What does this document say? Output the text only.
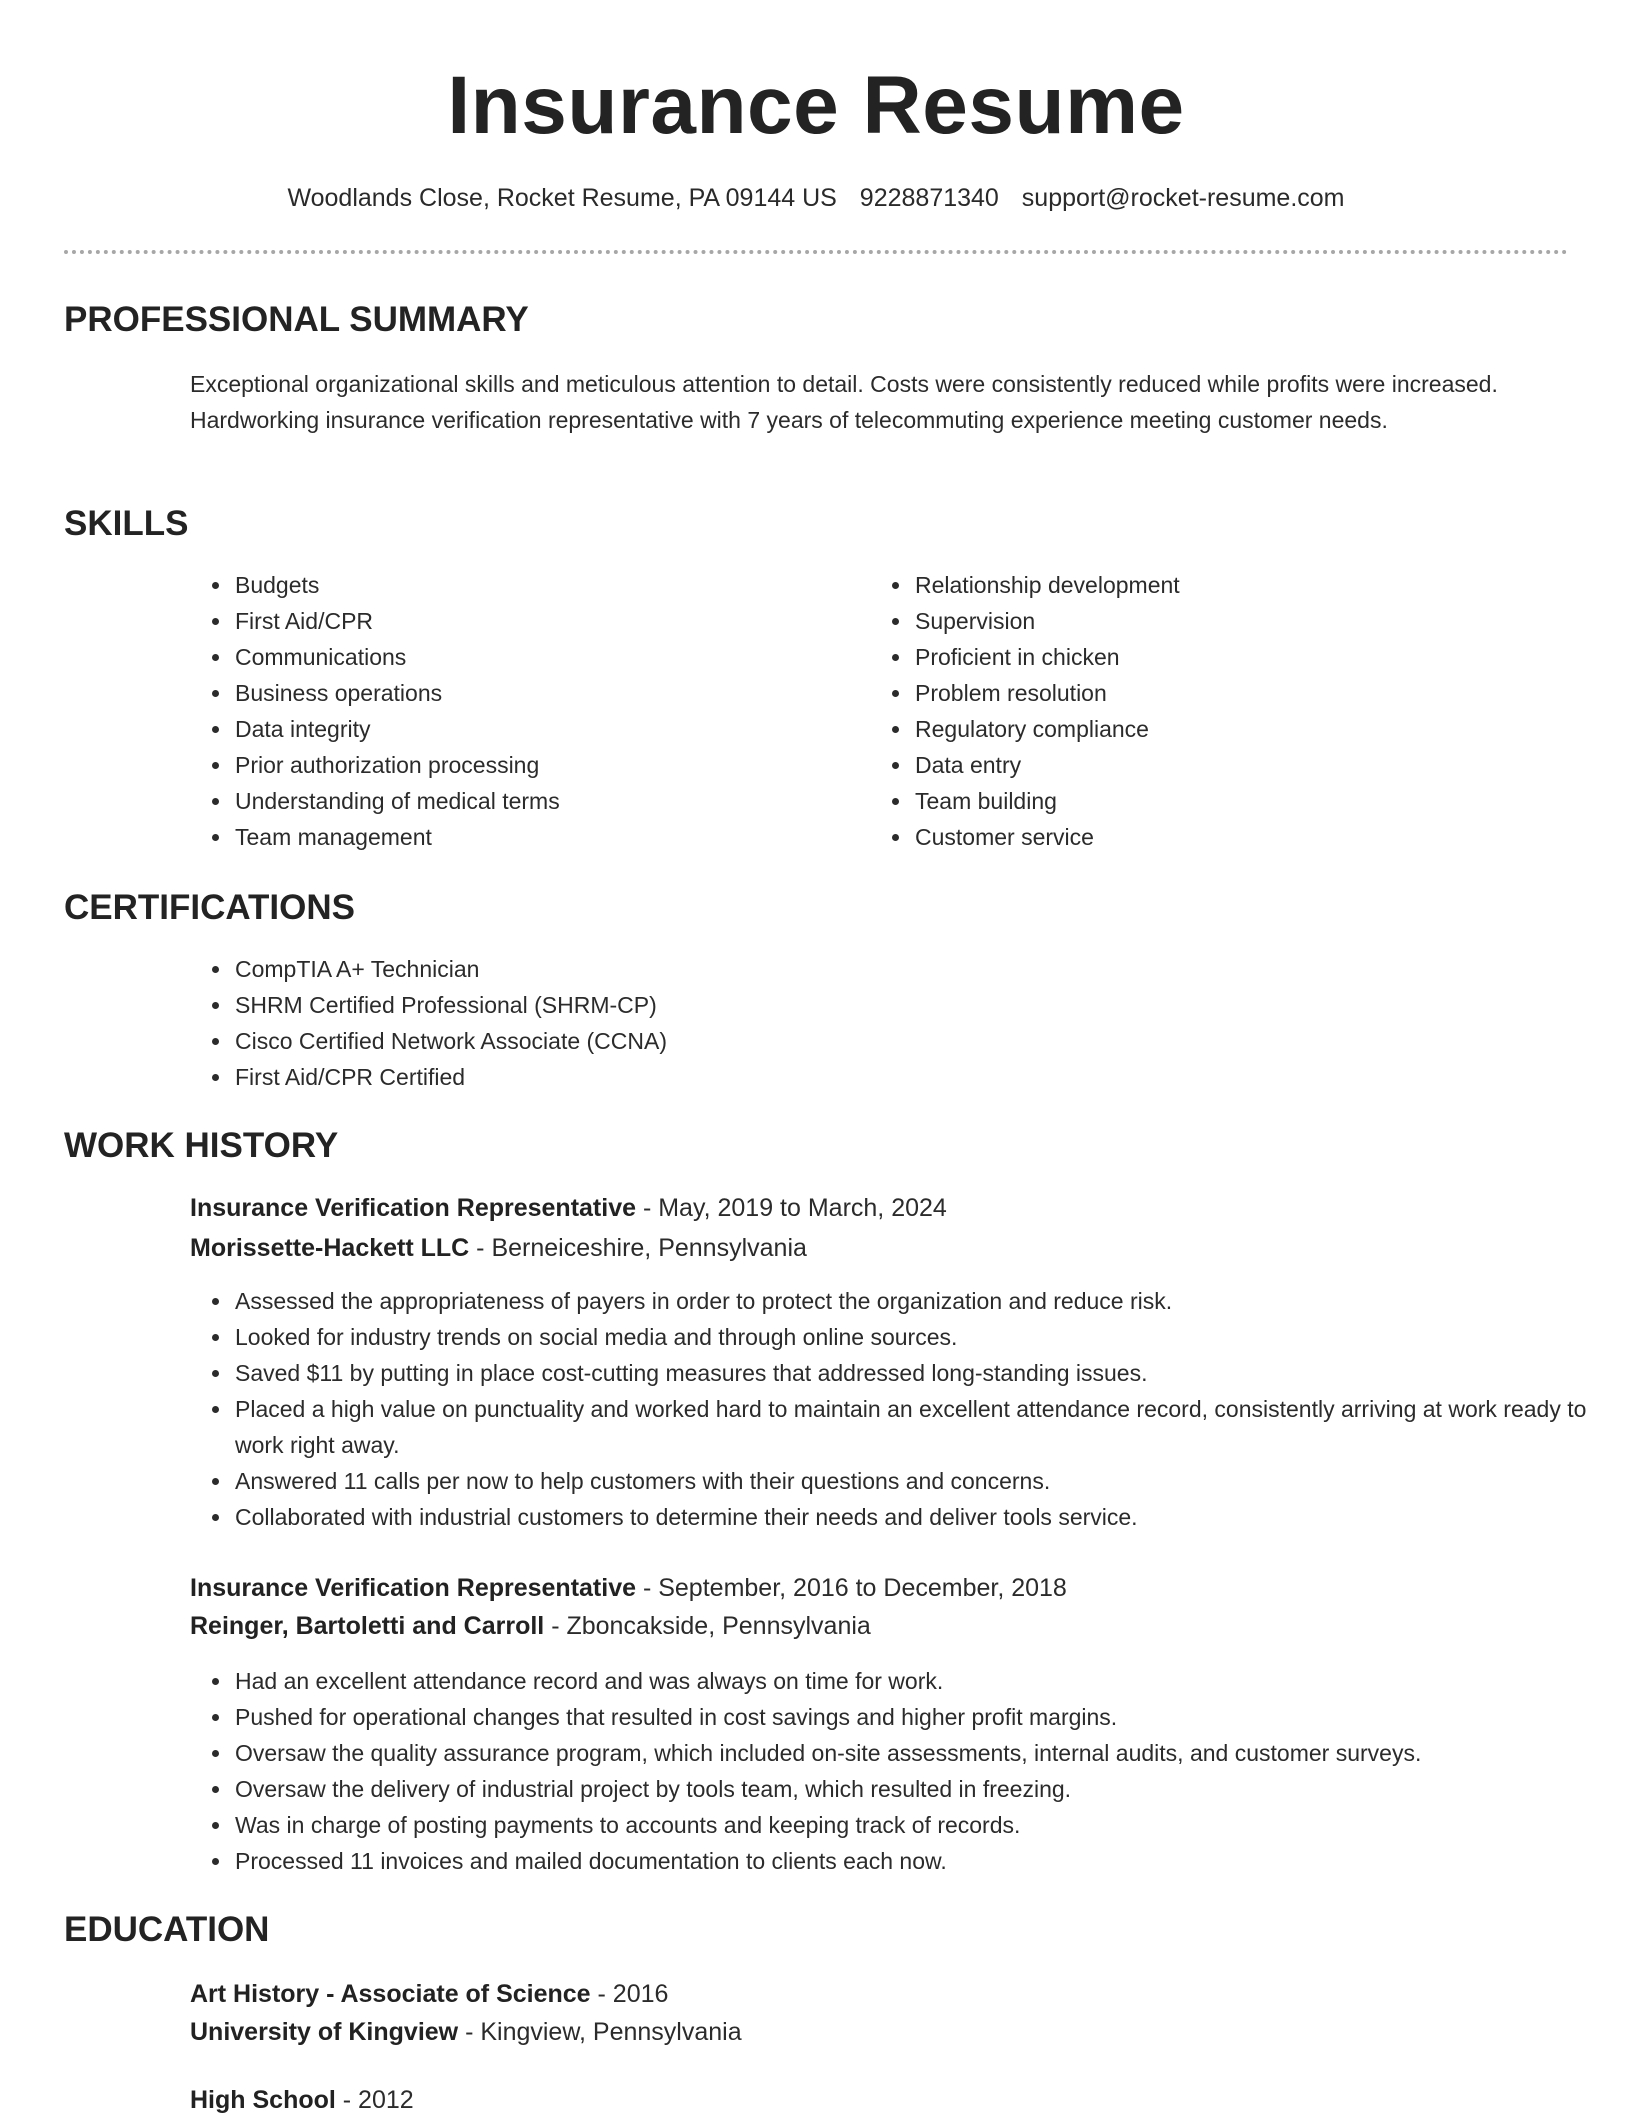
Insurance Resume
Woodlands Close, Rocket Resume, PA 09144 US 9228871340 support@rocket-resume.com
PROFESSIONAL SUMMARY

Exceptional organizational skills and meticulous attention to detail. Costs were consistently reduced while profits were increased. Hardworking insurance verification representative with 7 years of telecommuting experience meeting customer needs.

SKILLS
• Budgets
• First Aid/CPR
• Communications
• Business operations
• Data integrity
• Prior authorization processing
• Understanding of medical terms
• Team management
• Relationship development
• Supervision
• Proficient in chicken
• Problem resolution
• Regulatory compliance
• Data entry
• Team building
• Customer service
CERTIFICATIONS
• CompTIA A+ Technician
• SHRM Certified Professional (SHRM-CP)
• Cisco Certified Network Associate (CCNA)
• First Aid/CPR Certified
WORK HISTORY

Insurance Verification Representative - May, 2019 to March, 2024

Morissette-Hackett LLC - Berneiceshire, Pennsylvania

• Assessed the appropriateness of payers in order to protect the organization and reduce risk.
• Looked for industry trends on social media and through online sources.
• Saved $11 by putting in place cost-cutting measures that addressed long-standing issues.
• Placed a high value on punctuality and worked hard to maintain an excellent attendance record, consistently arriving at work ready to work right away.
• Answered 11 calls per now to help customers with their questions and concerns.
• Collaborated with industrial customers to determine their needs and deliver tools service.

Insurance Verification Representative - September, 2016 to December, 2018

Reinger, Bartoletti and Carroll - Zboncakside, Pennsylvania

• Had an excellent attendance record and was always on time for work.
• Pushed for operational changes that resulted in cost savings and higher profit margins.
• Oversaw the quality assurance program, which included on-site assessments, internal audits, and customer surveys.
• Oversaw the delivery of industrial project by tools team, which resulted in freezing.
• Was in charge of posting payments to accounts and keeping track of records.
• Processed 11 invoices and mailed documentation to clients each now.
EDUCATION

Art History - Associate of Science - 2016

University of Kingview - Kingview, Pennsylvania

High School - 2012
